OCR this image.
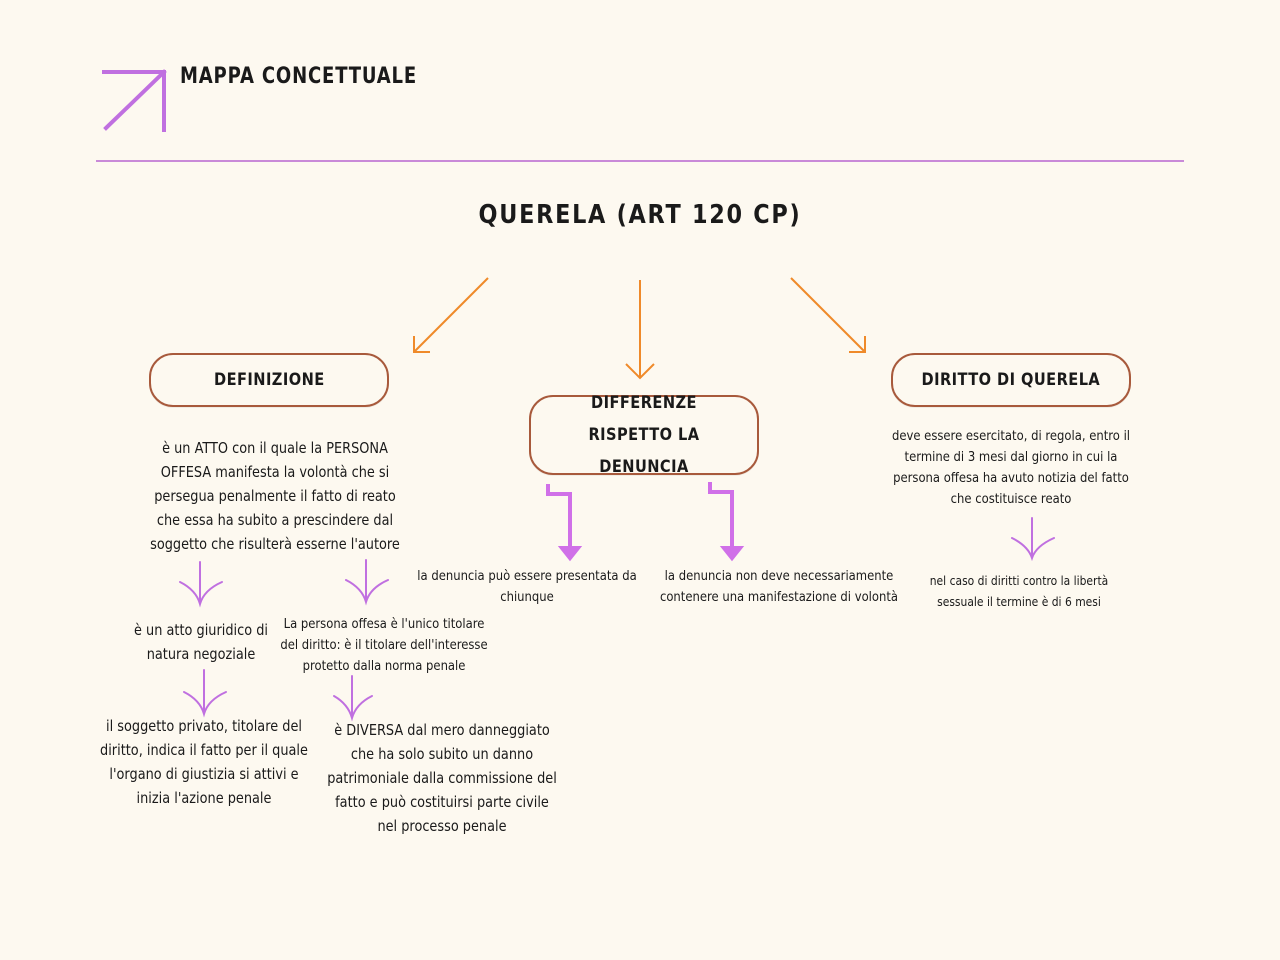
MAPPA CONCETTUALE
QUERELA (ART 120 CP)
DEFINIZIONE
DIFFERENZE RISPETTO LA DENUNCIA
DIRITTO DI QUERELA
è un ATTO con il quale la PERSONA OFFESA manifesta la volontà che si persegua penalmente il fatto di reato che essa ha subito a prescindere dal soggetto che risulterà esserne l'autore
è un atto giuridico di natura negoziale
il soggetto privato, titolare del diritto, indica il fatto per il quale l'organo di giustizia si attivi e inizia l'azione penale
La persona offesa è l'unico titolare del diritto: è il titolare dell'interesse protetto dalla norma penale
è DIVERSA dal mero danneggiato che ha solo subito un danno patrimoniale dalla commissione del fatto e può costituirsi parte civile nel processo penale
la denuncia può essere presentata da chiunque
la denuncia non deve necessariamente contenere una manifestazione di volontà
deve essere esercitato, di regola, entro il termine di 3 mesi dal giorno in cui la persona offesa ha avuto notizia del fatto che costituisce reato
nel caso di diritti contro la libertà sessuale il termine è di 6 mesi
